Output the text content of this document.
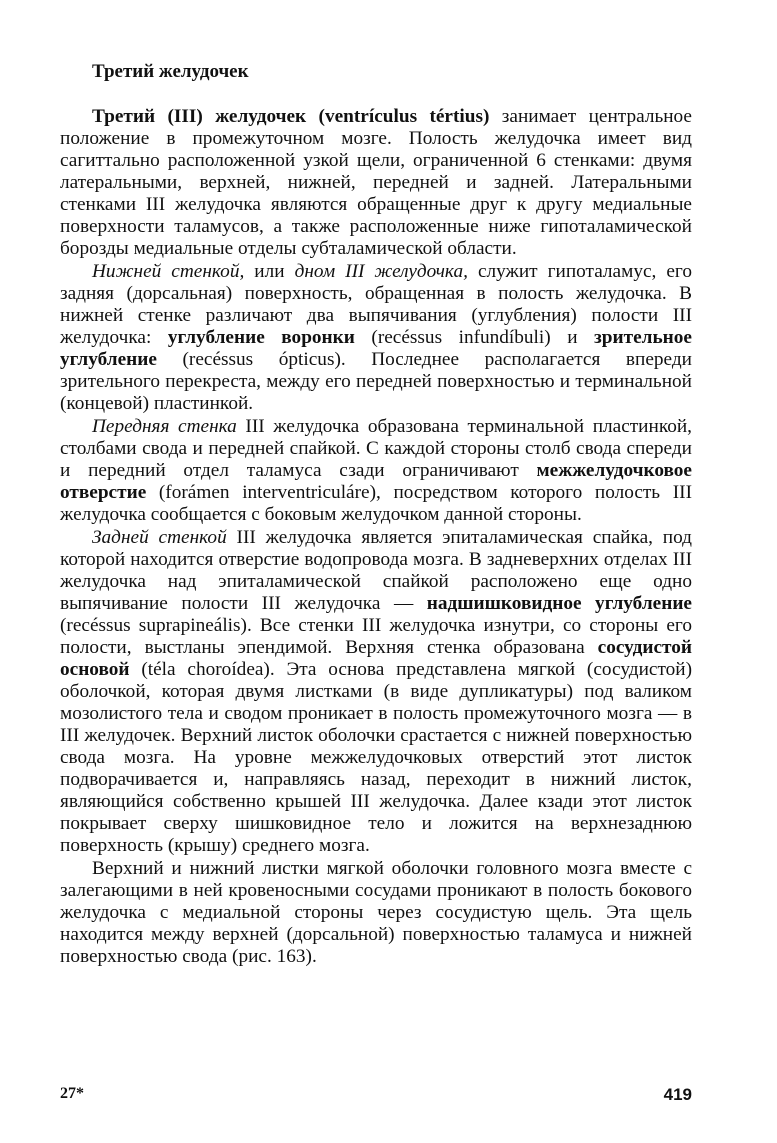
Третий желудочек

Третий (III) желудочек (ventrículus tértius) занимает центральное положение в промежуточном мозге. Полость желудочка имеет вид сагиттально расположенной узкой щели, ограниченной 6 стенками: двумя латеральными, верхней, нижней, передней и задней. Латеральными стенками III желудочка являются обращенные друг к другу медиальные поверхности таламусов, а также расположенные ниже гипоталамической борозды медиальные отделы субталамической области.

Нижней стенкой, или дном III желудочка, служит гипоталамус, его задняя (дорсальная) поверхность, обращенная в полость желудочка. В нижней стенке различают два выпячивания (углубления) полости III желудочка: углубление воронки (recéssus infundíbuli) и зрительное углубление (recéssus ópticus). Последнее располагается впереди зрительного перекреста, между его передней поверхностью и терминальной (концевой) пластинкой.

Передняя стенка III желудочка образована терминальной пластинкой, столбами свода и передней спайкой. С каждой стороны столб свода спереди и передний отдел таламуса сзади ограничивают межжелудочковое отверстие (forámen interventriculáre), посредством которого полость III желудочка сообщается с боковым желудочком данной стороны.

Задней стенкой III желудочка является эпиталамическая спайка, под которой находится отверстие водопровода мозга. В задневерхних отделах III желудочка над эпиталамической спайкой расположено еще одно выпячивание полости III желудочка — надшишковидное углубление (recéssus suprapineális). Все стенки III желудочка изнутри, со стороны его полости, выстланы эпендимой. Верхняя стенка образована сосудистой основой (téla choroídea). Эта основа представлена мягкой (сосудистой) оболочкой, которая двумя листками (в виде дупликатуры) под валиком мозолистого тела и сводом проникает в полость промежуточного мозга — в III желудочек. Верхний листок оболочки срастается с нижней поверхностью свода мозга. На уровне межжелудочковых отверстий этот листок подворачивается и, направляясь назад, переходит в нижний листок, являющийся собственно крышей III желудочка. Далее кзади этот листок покрывает сверху шишковидное тело и ложится на верхнезаднюю поверхность (крышу) среднего мозга.

Верхний и нижний листки мягкой оболочки головного мозга вместе с залегающими в ней кровеносными сосудами проникают в полость бокового желудочка с медиальной стороны через сосудистую щель. Эта щель находится между верхней (дорсальной) поверхностью таламуса и нижней поверхностью свода (рис. 163).

27*	419
